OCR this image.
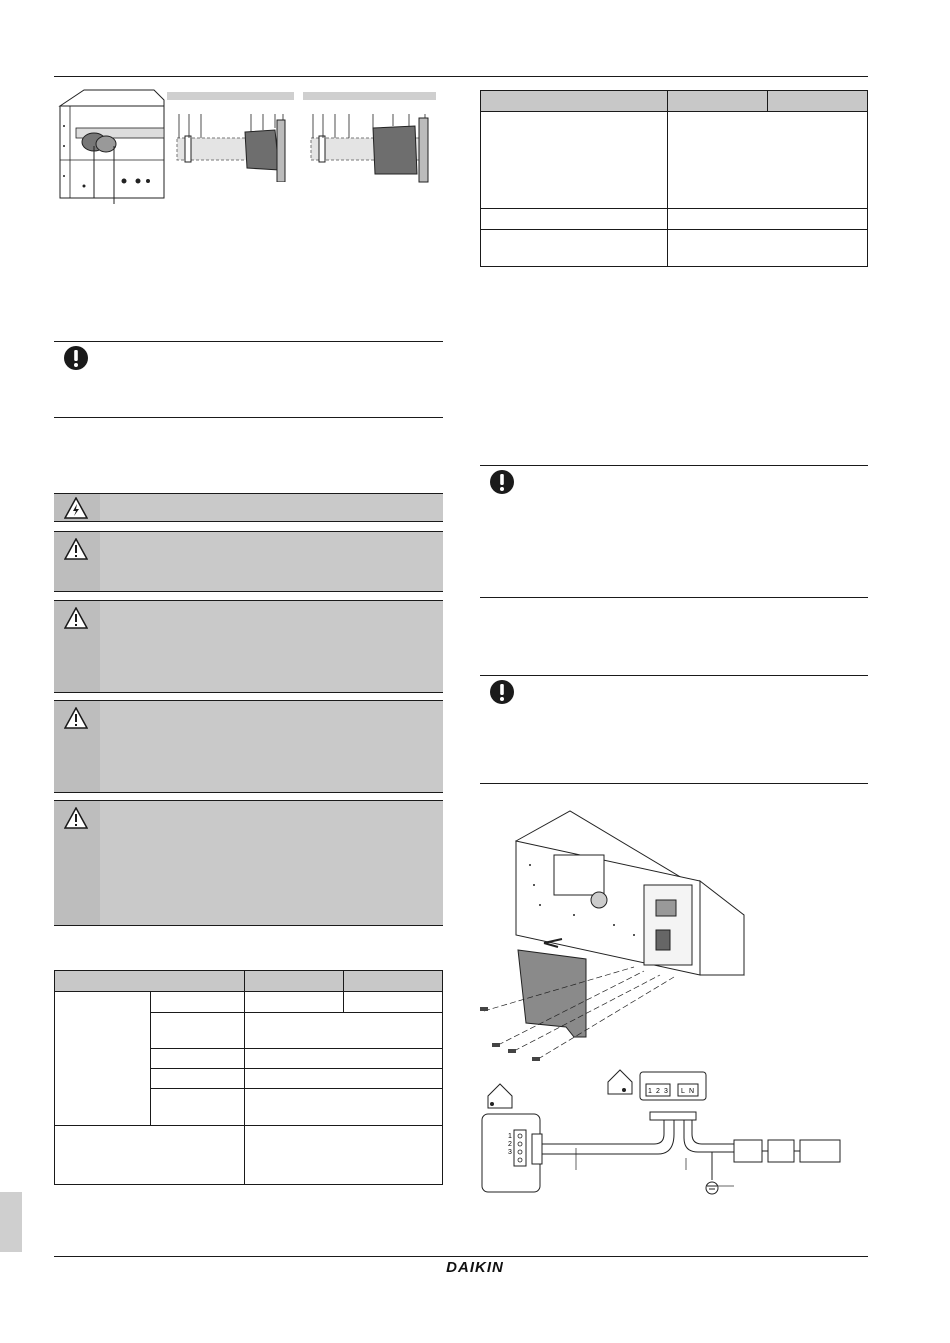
DAIKIN

1
2
3
1 2 3 L N
